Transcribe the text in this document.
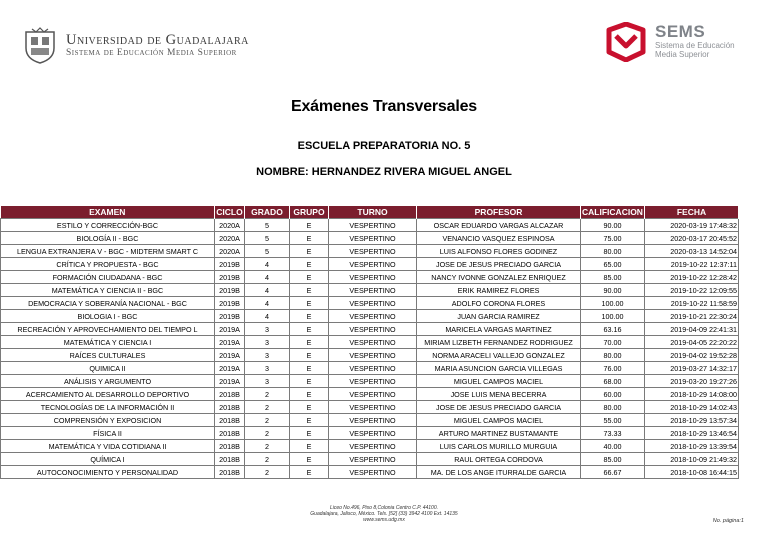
Universidad de Guadalajara
Sistema de Educación Media Superior
SEMS
Sistema de Educación
Media Superior
Exámenes Transversales
ESCUELA PREPARATORIA NO. 5
NOMBRE: HERNANDEZ RIVERA MIGUEL ANGEL
EXAMEN	CICLO	GRADO	GRUPO	TURNO	PROFESOR	CALIFICACION	FECHA
ESTILO Y CORRECCIÓN-BGC	2020A	5	E	VESPERTINO	OSCAR EDUARDO VARGAS ALCAZAR	90.00	2020-03-19 17:48:32
BIOLOGÍA II - BGC	2020A	5	E	VESPERTINO	VENANCIO VASQUEZ ESPINOSA	75.00	2020-03-17 20:45:52
LENGUA EXTRANJERA V - BGC - MIDTERM SMART C	2020A	5	E	VESPERTINO	LUIS ALFONSO FLORES GODINEZ	80.00	2020-03-13 14:52:04
CRÍTICA Y PROPUESTA - BGC	2019B	4	E	VESPERTINO	JOSE DE JESUS PRECIADO GARCIA	65.00	2019-10-22 12:37:11
FORMACIÓN CIUDADANA - BGC	2019B	4	E	VESPERTINO	NANCY IVONNE GONZALEZ ENRIQUEZ	85.00	2019-10-22 12:28:42
MATEMÁTICA Y CIENCIA II - BGC	2019B	4	E	VESPERTINO	ERIK RAMIREZ FLORES	90.00	2019-10-22 12:09:55
DEMOCRACIA Y SOBERANÍA NACIONAL - BGC	2019B	4	E	VESPERTINO	ADOLFO CORONA FLORES	100.00	2019-10-22 11:58:59
BIOLOGIA I - BGC	2019B	4	E	VESPERTINO	JUAN GARCIA RAMIREZ	100.00	2019-10-21 22:30:24
RECREACIÓN Y APROVECHAMIENTO DEL TIEMPO L	2019A	3	E	VESPERTINO	MARICELA VARGAS MARTINEZ	63.16	2019-04-09 22:41:31
MATEMÁTICA Y CIENCIA I	2019A	3	E	VESPERTINO	MIRIAM LIZBETH FERNANDEZ RODRIGUEZ	70.00	2019-04-05 22:20:22
RAÍCES CULTURALES	2019A	3	E	VESPERTINO	NORMA ARACELI VALLEJO GONZALEZ	80.00	2019-04-02 19:52:28
QUIMICA II	2019A	3	E	VESPERTINO	MARIA ASUNCION GARCIA VILLEGAS	76.00	2019-03-27 14:32:17
ANÁLISIS Y ARGUMENTO	2019A	3	E	VESPERTINO	MIGUEL CAMPOS MACIEL	68.00	2019-03-20 19:27:26
ACERCAMIENTO AL DESARROLLO DEPORTIVO	2018B	2	E	VESPERTINO	JOSE LUIS MENA BECERRA	60.00	2018-10-29 14:08:00
TECNOLOGÍAS DE LA INFORMACIÓN II	2018B	2	E	VESPERTINO	JOSE DE JESUS PRECIADO GARCIA	80.00	2018-10-29 14:02:43
COMPRENSIÓN Y EXPOSICION	2018B	2	E	VESPERTINO	MIGUEL CAMPOS MACIEL	55.00	2018-10-29 13:57:34
FÍSICA II	2018B	2	E	VESPERTINO	ARTURO MARTINEZ BUSTAMANTE	73.33	2018-10-29 13:46:54
MATEMÁTICA Y VIDA COTIDIANA II	2018B	2	E	VESPERTINO	LUIS CARLOS MURILLO MURGUIA	40.00	2018-10-29 13:39:54
QUÍMICA I	2018B	2	E	VESPERTINO	RAUL ORTEGA CORDOVA	85.00	2018-10-09 21:49:32
AUTOCONOCIMIENTO Y PERSONALIDAD	2018B	2	E	VESPERTINO	MA. DE LOS ANGE ITURRALDE GARCIA	66.67	2018-10-08 16:44:15
Liceo No.496, Piso 8,Colonia Centro C.P. 44100.
Guadalajara, Jalisco, México. Tels. [52] (33) 3942 4100 Ext. 14135
www.sems.udg.mx	No. página:1
